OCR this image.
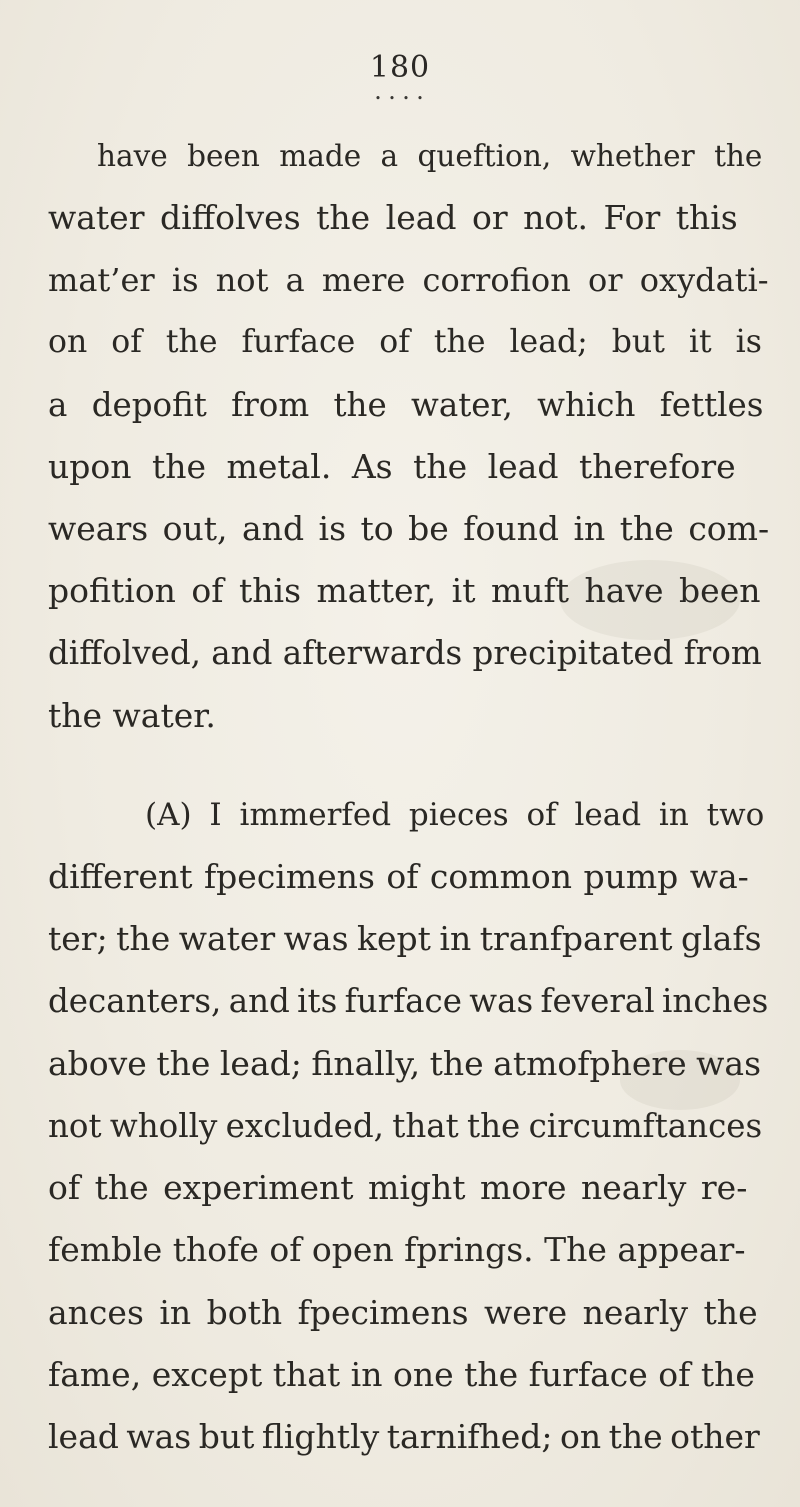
180
• • • •
have been made a queftion, whether the
water diffolves the lead or not. For this
mat’er is not a mere corrofion or oxydati-
on of the furface of the lead; but it is
a depofit from the water, which fettles
upon the metal. As the lead therefore
wears out, and is to be found in the com-
pofition of this matter, it muft have been
diffolved, and afterwards precipitated from
the water.
(A) I immerfed pieces of lead in two
different fpecimens of common pump wa-
ter; the water was kept in tranfparent glafs
decanters, and its furface was feveral inches
above the lead; finally, the atmofphere was
not wholly excluded, that the circumftances
of the experiment might more nearly re-
femble thofe of open fprings. The appear-
ances in both fpecimens were nearly the
fame, except that in one the furface of the
lead was but flightly tarnifhed; on the other
